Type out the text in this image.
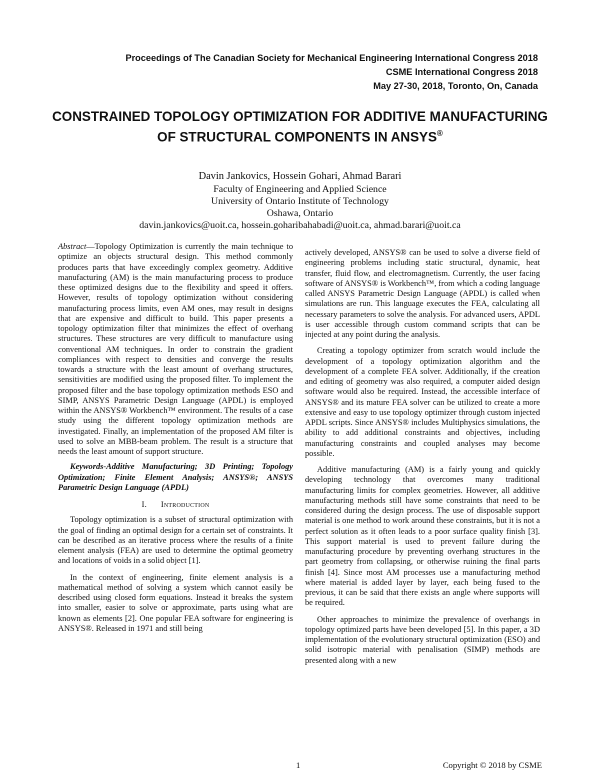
Proceedings of The Canadian Society for Mechanical Engineering International Congress 2018
CSME International Congress 2018
May 27-30, 2018, Toronto, On, Canada
CONSTRAINED TOPOLOGY OPTIMIZATION FOR ADDITIVE MANUFACTURING
OF STRUCTURAL COMPONENTS IN ANSYS®
Davin Jankovics, Hossein Gohari, Ahmad Barari
Faculty of Engineering and Applied Science
University of Ontario Institute of Technology
Oshawa, Ontario
davin.jankovics@uoit.ca, hossein.goharibahabadi@uoit.ca, ahmad.barari@uoit.ca

Abstract—Topology Optimization is currently the main technique to optimize an objects structural design. This method commonly produces parts that have exceedingly complex geometry. Additive manufacturing (AM) is the main manufacturing process to produce these optimized designs due to the flexibility and speed it offers. However, results of topology optimization without considering manufacturing process limits, even AM ones, may result in designs that are expensive and difficult to build. This paper presents a topology optimization filter that minimizes the effect of overhang structures. These structures are very difficult to manufacture using conventional AM techniques. In order to constrain the gradient compliances with respect to densities and converge the results towards a structure with the least amount of overhang structures, sensitivities are modified using the proposed filter. To implement the proposed filter and the base topology optimization methods ESO and SIMP, ANSYS Parametric Design Language (APDL) is employed within the ANSYS® Workbench™ environment. The results of a case study using the different topology optimization methods are investigated. Finally, an implementation of the proposed AM filter is used to solve an MBB-beam problem. The result is a structure that needs the least amount of support structure.

Keywords-Additive Manufacturing; 3D Printing; Topology Optimization; Finite Element Analysis; ANSYS®; ANSYS Parametric Design Language (APDL)

I. Introduction

Topology optimization is a subset of structural optimization with the goal of finding an optimal design for a certain set of constraints. It can be described as an iterative process where the results of a finite element analysis (FEA) are used to determine the optimal geometry and locations of voids in a solid object [1].

In the context of engineering, finite element analysis is a mathematical method of solving a system which cannot easily be described using closed form equations. Instead it breaks the system into smaller, easier to solve or approximate, parts using what are known as elements [2]. One popular FEA software for engineering is ANSYS®. Released in 1971 and still being

actively developed, ANSYS® can be used to solve a diverse field of engineering problems including static structural, dynamic, heat transfer, fluid flow, and electromagnetism. Currently, the user facing software of ANSYS® is Workbench™, from which a coding language called ANSYS Parametric Design Language (APDL) is called when simulations are run. This language executes the FEA, calculating all necessary parameters to solve the analysis. For advanced users, APDL is user accessible through custom command scripts that can be injected at any point during the analysis.

Creating a topology optimizer from scratch would include the development of a topology optimization algorithm and the development of a complete FEA solver. Additionally, if the creation and editing of geometry was also required, a computer aided design software would also be required. Instead, the accessible interface of ANSYS® and its mature FEA solver can be utilized to create a more extensive and easy to use topology optimizer through custom injected APDL scripts. Since ANSYS® includes Multiphysics simulations, the ability to add additional constraints and objectives, including manufacturing constraints and coupled analyses may become possible.

Additive manufacturing (AM) is a fairly young and quickly developing technology that overcomes many traditional manufacturing limits for complex geometries. However, all additive manufacturing methods still have some constraints that need to be considered during the design process. The use of disposable support material is one method to work around these constraints, but it is not a perfect solution as it often leads to a poor surface quality finish [3]. This support material is used to prevent failure during the manufacturing procedure by preventing overhang structures in the part geometry from collapsing, or otherwise ruining the final parts finish [4]. Since most AM processes use a manufacturing method where material is added layer by layer, each being fused to the previous, it can be said that there exists an angle where supports will be required.

Other approaches to minimize the prevalence of overhangs in topology optimized parts have been developed [5]. In this paper, a 3D implementation of the evolutionary structural optimization (ESO) and solid isotropic material with penalisation (SIMP) methods are presented along with a new

1	Copyright © 2018 by CSME
